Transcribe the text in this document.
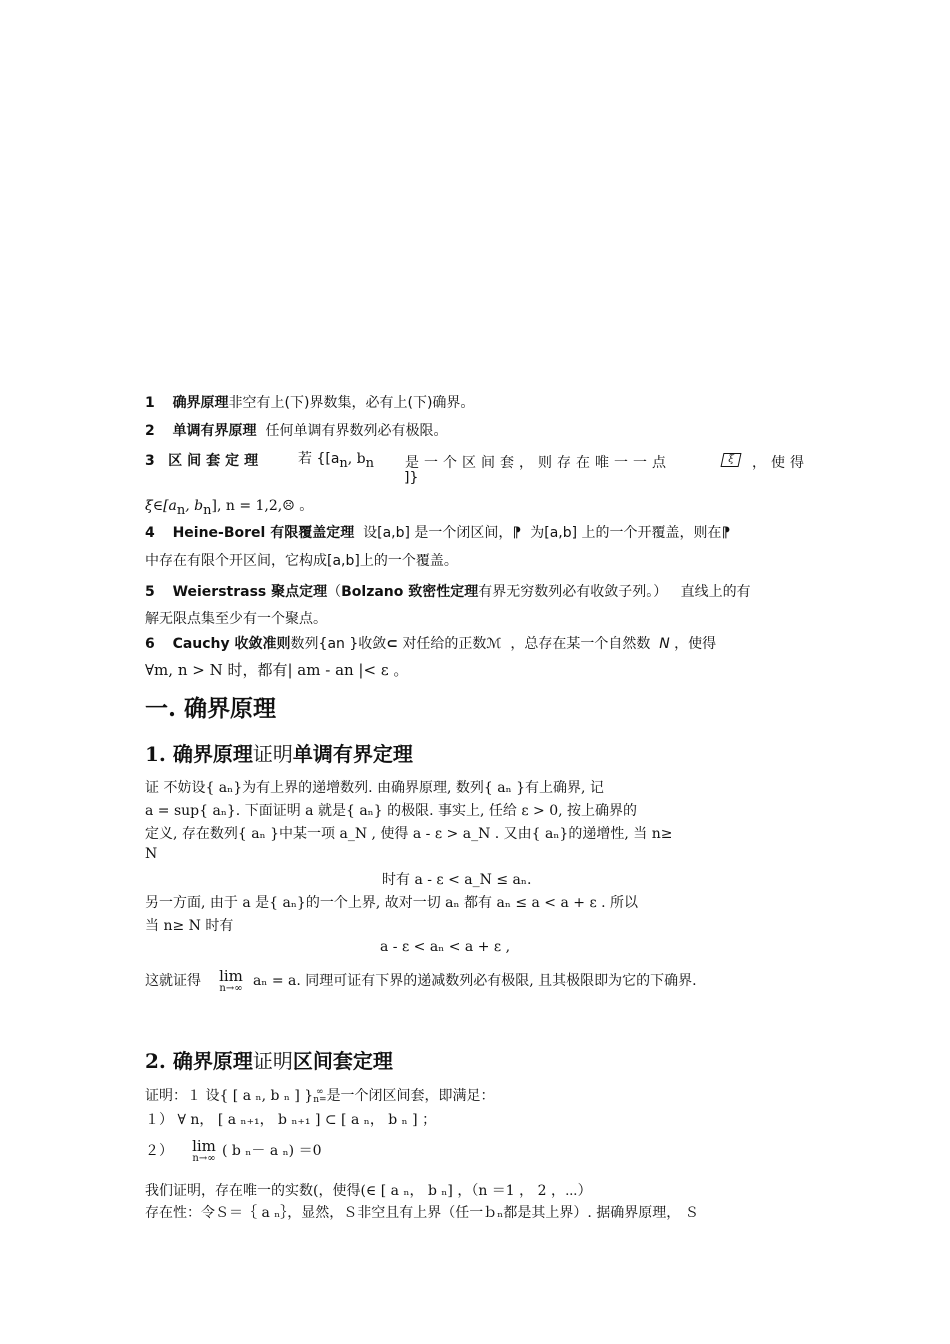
1 确界原理非空有上(下)界数集，必有上(下)确界。
2 单调有界原理 任何单调有界数列必有极限。
3 区间套定理 若 {[$a_n$, $b_n$ 是一个区间套，则存在唯一一点	ξ	，使得
]}
$\xi\in[a_n$, $b_n$], n = 1,2,☹ 。
4 Heine-Borel 有限覆盖定理 设[a,b] 是一个闭区间，⁋ 为[a,b] 上的一个开覆盖，则在⁋
中存在有限个开区间，它构成[a,b]上的一个覆盖。
5 Weierstrass 聚点定理（Bolzano 致密性定理有界无穷数列必有收敛子列。） 直线上的有
解无限点集至少有一个聚点。
6 Cauchy 收敛准则数列{an }收敛⊂ 对任给的正数ℳ ，总存在某一个自然数 N ，使得
∀m, n > N 时，都有| am - an |< ε 。
一. 确界原理
1. 确界原理证明单调有界定理
证 不妨设{ aₙ}为有上界的递增数列. 由确界原理, 数列{ aₙ }有上确界, 记
a = sup{ aₙ}. 下面证明 a 就是{ aₙ} 的极限. 事实上, 任给 ε > 0, 按上确界的
定义, 存在数列{ aₙ }中某一项 a_N , 使得 a - ε > a_N . 又由{ aₙ}的递增性, 当 n≥
N
时有 a - ε < a_N ≤ aₙ.
另一方面, 由于 a 是{ aₙ}的一个上界, 故对一切 aₙ 都有 aₙ ≤ a < a + ε . 所以
当 n≥ N 时有
a - ε < aₙ < a + ε ,
这就证得	lim
n→∞ aₙ = a. 同理可证有下界的递减数列必有极限, 且其极限即为它的下确界.
2. 确界原理证明区间套定理
证明：１ 设{ [ a ₙ, b ₙ ] } ∞
n= 是一个闭区间套，即满足：
１） ∀ n， [ a ₙ₊₁， b ₙ₊₁ ] ⊂ [ a ₙ， b ₙ ] ；
２）	lim
n→∞ ( b ₙ－ a ₙ) ＝0
我们证明，存在唯一的实数(，使得(∈ [ a ₙ， b ₙ] ，（n ＝1 ， 2 ，⋯）
存在性：令Ｓ＝｛ a ₙ｝，显然，Ｓ非空且有上界（任一ｂₙ都是其上界）. 据确界原理， Ｓ
